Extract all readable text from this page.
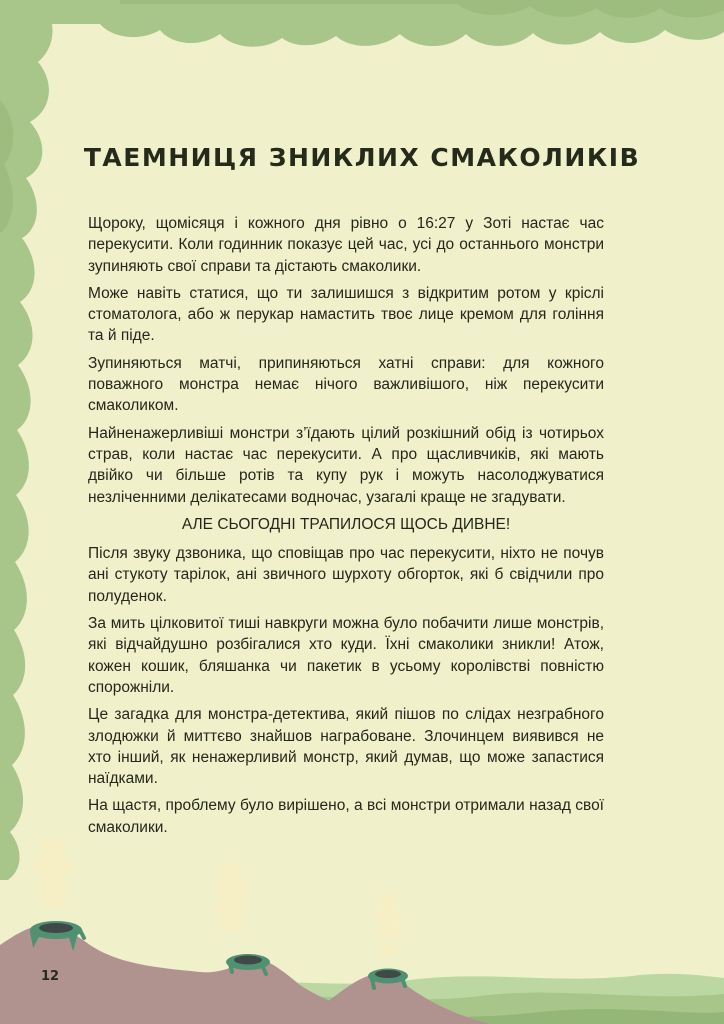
ТАЕМНИЦЯ ЗНИКЛИХ СМАКОЛИКІВ

Щороку, щомісяця і кожного дня рівно о 16:27 у Зоті настає час перекусити. Коли годинник показує цей час, усі до останнього монстри зупиняють свої справи та дістають смаколики.

Може навіть статися, що ти залишишся з відкритим ротом у кріслі стоматолога, або ж перукар намастить твоє лице кремом для гоління та й піде.

Зупиняються матчі, припиняються хатні справи: для кожного поважного монстра немає нічого важливішого, ніж перекусити смаколиком.

Найненажерливіші монстри з’їдають цілий розкішний обід із чотирьох страв, коли настає час перекусити. А про щасливчиків, які мають двійко чи більше ротів та купу рук і можуть насолоджуватися незліченними делікатесами водночас, узагалі краще не згадувати.

АЛЕ СЬОГОДНІ ТРАПИЛОСЯ ЩОСЬ ДИВНЕ!

Після звуку дзвоника, що сповіщав про час перекусити, ніхто не почув ані стукоту тарілок, ані звичного шурхоту обгорток, які б свідчили про полуденок.

За мить цілковитої тиші навкруги можна було побачити лише монстрів, які відчайдушно розбігалися хто куди. Їхні смаколики зникли! Атож, кожен кошик, бляшанка чи пакетик в усьому королівстві повністю спорожніли.

Це загадка для монстра-детектива, який пішов по слідах незграбного злодюжки й миттєво знайшов награбоване. Злочинцем виявився не хто інший, як ненажерливий монстр, який думав, що може запастися наїдками.

На щастя, проблему було вирішено, а всі монстри отримали назад свої смаколики.

12
